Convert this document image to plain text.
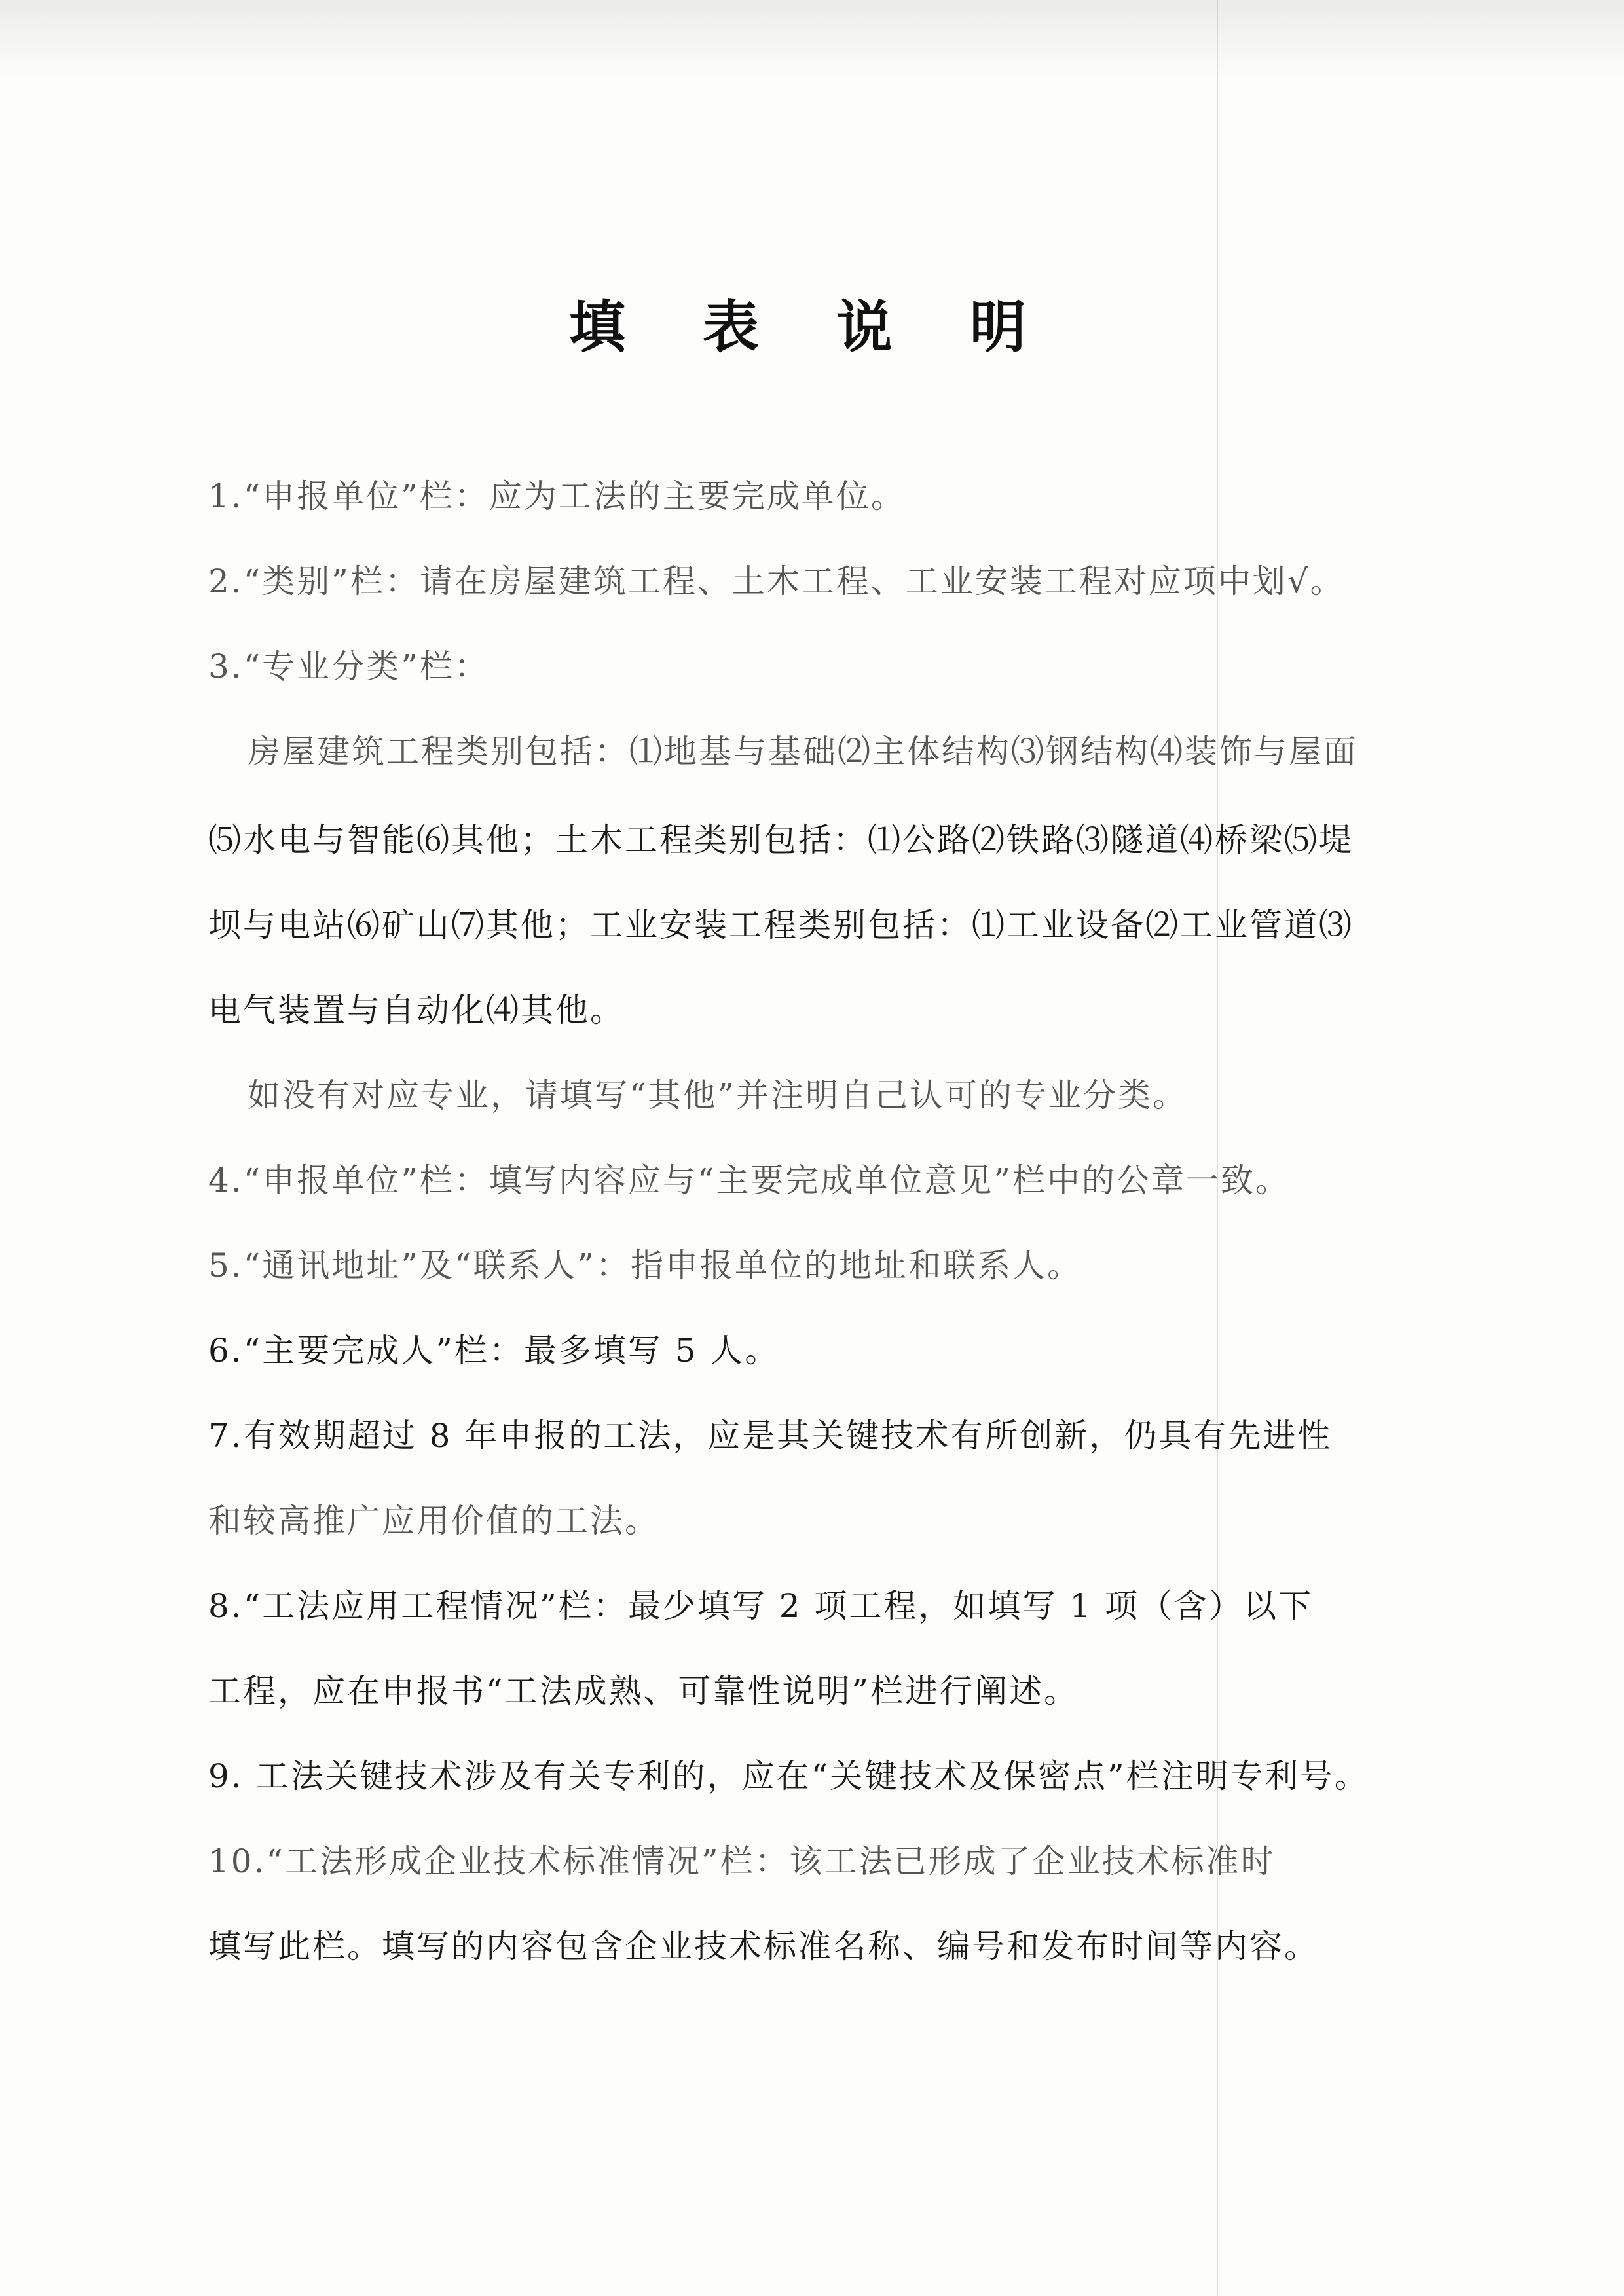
填 表 说 明
1.“申报单位”栏：应为工法的主要完成单位。
2.“类别”栏：请在房屋建筑工程、土木工程、工业安装工程对应项中划√。
3.“专业分类”栏：
房屋建筑工程类别包括：⑴地基与基础⑵主体结构⑶钢结构⑷装饰与屋面
⑸水电与智能⑹其他；土木工程类别包括：⑴公路⑵铁路⑶隧道⑷桥梁⑸堤
坝与电站⑹矿山⑺其他；工业安装工程类别包括：⑴工业设备⑵工业管道⑶
电气装置与自动化⑷其他。
如没有对应专业，请填写“其他”并注明自己认可的专业分类。
4.“申报单位”栏：填写内容应与“主要完成单位意见”栏中的公章一致。
5.“通讯地址”及“联系人”：指申报单位的地址和联系人。
6.“主要完成人”栏：最多填写 5 人。
7.有效期超过 8 年申报的工法，应是其关键技术有所创新，仍具有先进性
和较高推广应用价值的工法。
8.“工法应用工程情况”栏：最少填写 2 项工程，如填写 1 项（含）以下
工程，应在申报书“工法成熟、可靠性说明”栏进行阐述。
9. 工法关键技术涉及有关专利的，应在“关键技术及保密点”栏注明专利号。
10.“工法形成企业技术标准情况”栏：该工法已形成了企业技术标准时
填写此栏。填写的内容包含企业技术标准名称、编号和发布时间等内容。
